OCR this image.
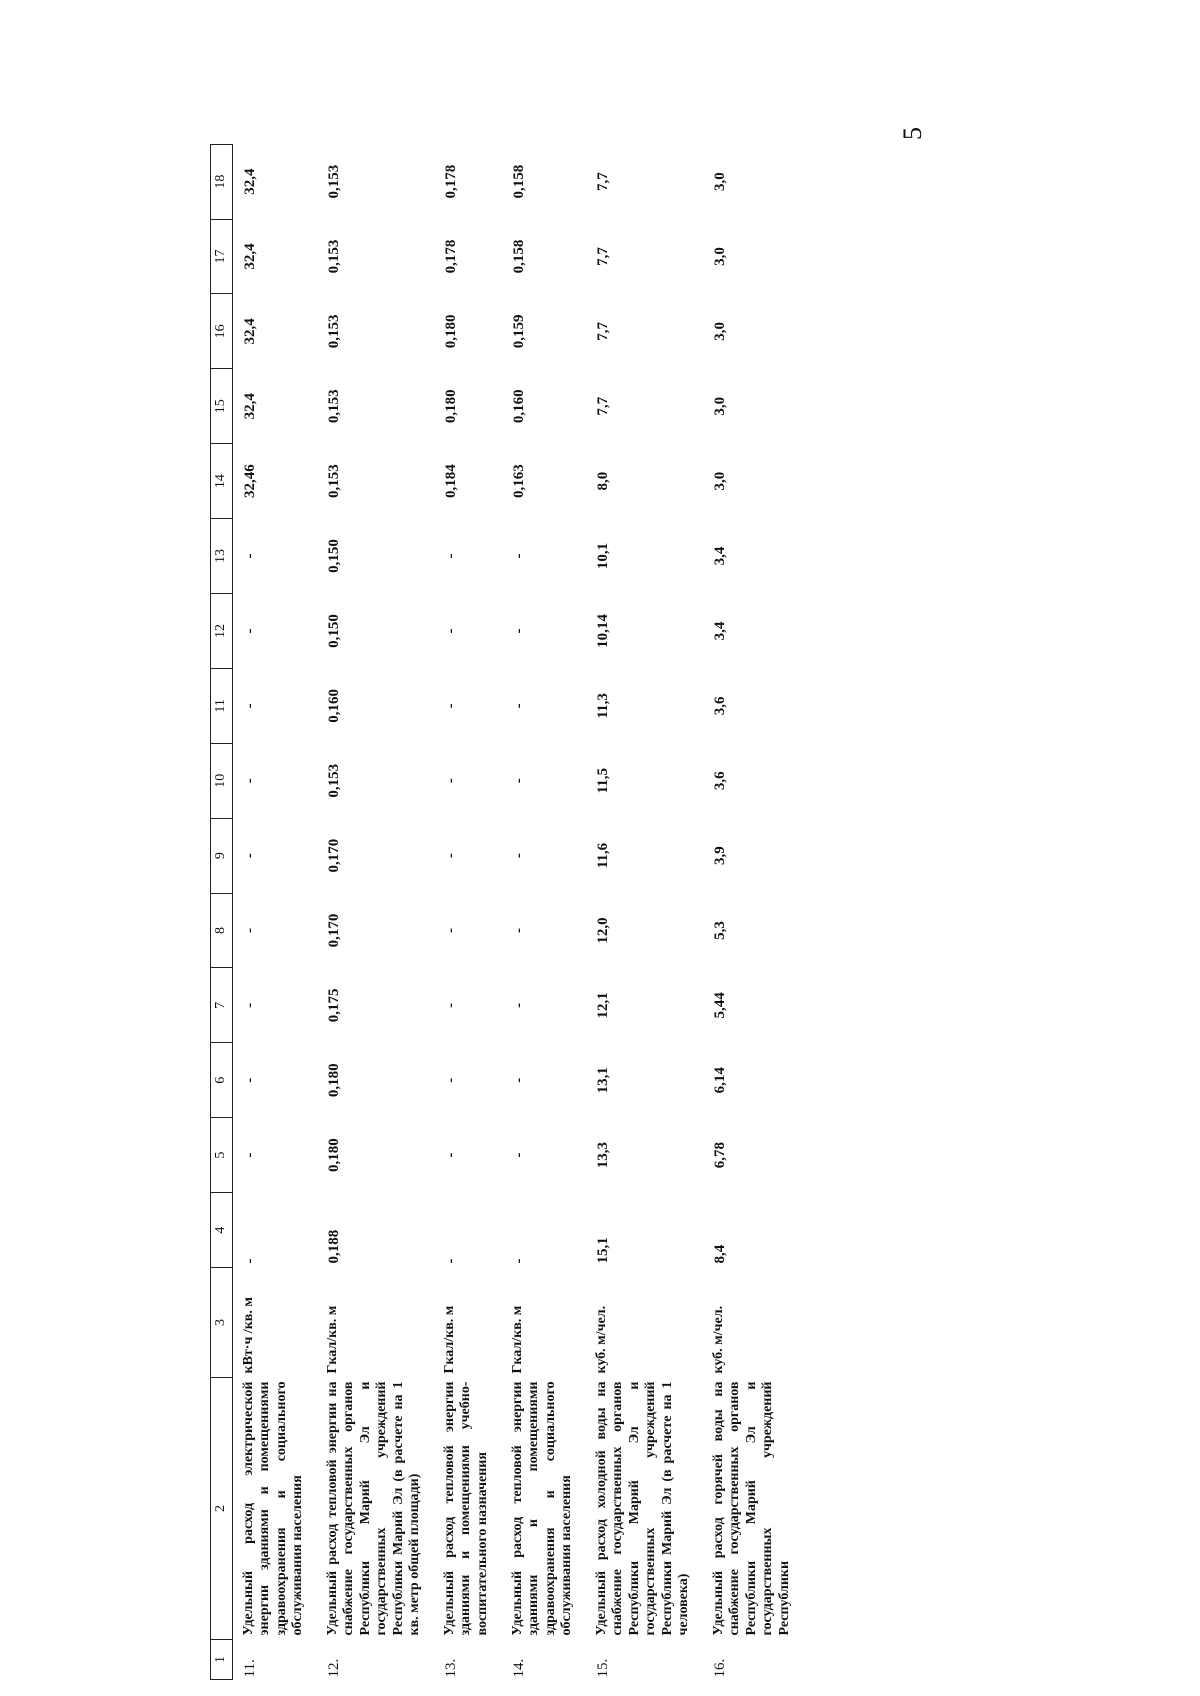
5
1	2	3	4	5	6	7	8	9	10	11	12	13	14	15	16	17	18
11.	Удельный расход электрической энергии зданиями и помещениями здравоохранения и социального обслуживания населения	кВт·ч /кв. м	-	-	-	-	-	-	-	-	-	-	32,46	32,4	32,4	32,4	32,4
12.	Удельный расход тепловой энергии на снабжение государственных органов Республики Марий Эл и государственных учреждений Республики Марий Эл (в расчете на 1 кв. метр общей площади)	Гкал/кв. м	0,188	0,180	0,180	0,175	0,170	0,170	0,153	0,160	0,150	0,150	0,153	0,153	0,153	0,153	0,153
13.	Удельный расход тепловой энергии зданиями и помещениями учебно-воспитательного назначения	Гкал/кв. м	-	-	-	-	-	-	-	-	-	-	0,184	0,180	0,180	0,178	0,178
14.	Удельный расход тепловой энергии зданиями и помещениями здравоохранения и социального обслуживания населения	Гкал/кв. м	-	-	-	-	-	-	-	-	-	-	0,163	0,160	0,159	0,158	0,158
15.	Удельный расход холодной воды на снабжение государственных органов Республики Марий Эл и государственных учреждений Республики Марий Эл (в расчете на 1 человека)	куб. м/чел.	15,1	13,3	13,1	12,1	12,0	11,6	11,5	11,3	10,14	10,1	8,0	7,7	7,7	7,7	7,7
16.	Удельный расход горячей воды на снабжение государственных органов Республики Марий Эл и государственных учреждений Республики	куб. м/чел.	8,4	6,78	6,14	5,44	5,3	3,9	3,6	3,6	3,4	3,4	3,0	3,0	3,0	3,0	3,0
